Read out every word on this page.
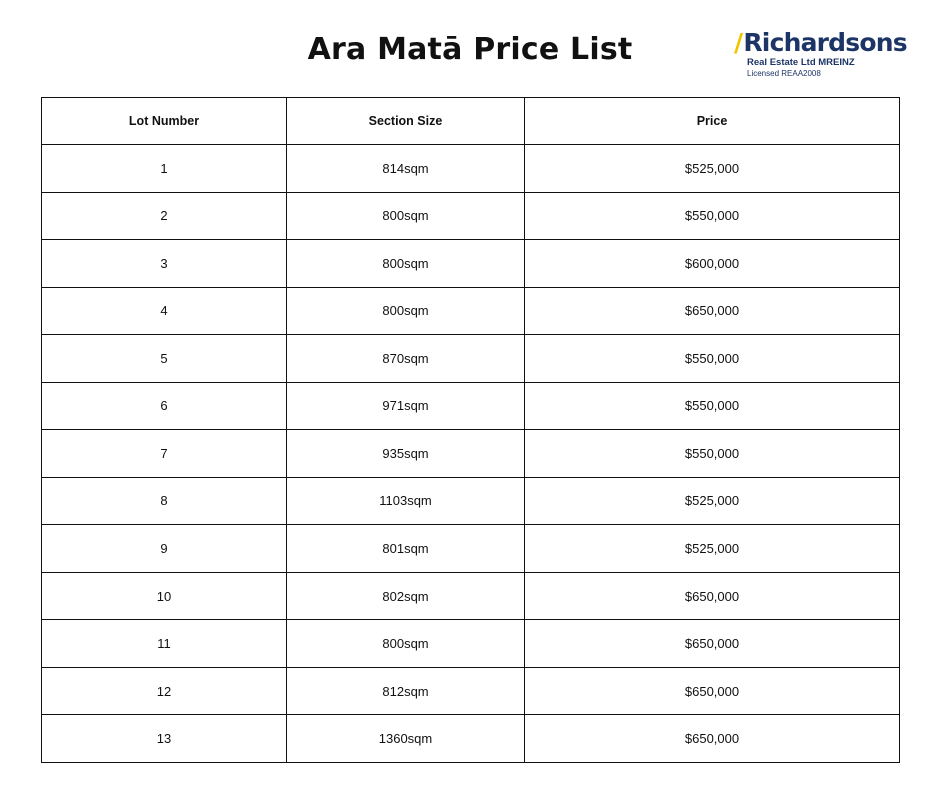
Ara Matā Price List	/Richardsons
Real Estate Ltd MREINZ
Licensed REAA2008
Lot Number	Section Size	Price
1	814sqm	$525,000
2	800sqm	$550,000
3	800sqm	$600,000
4	800sqm	$650,000
5	870sqm	$550,000
6	971sqm	$550,000
7	935sqm	$550,000
8	1103sqm	$525,000
9	801sqm	$525,000
10	802sqm	$650,000
11	800sqm	$650,000
12	812sqm	$650,000
13	1360sqm	$650,000
